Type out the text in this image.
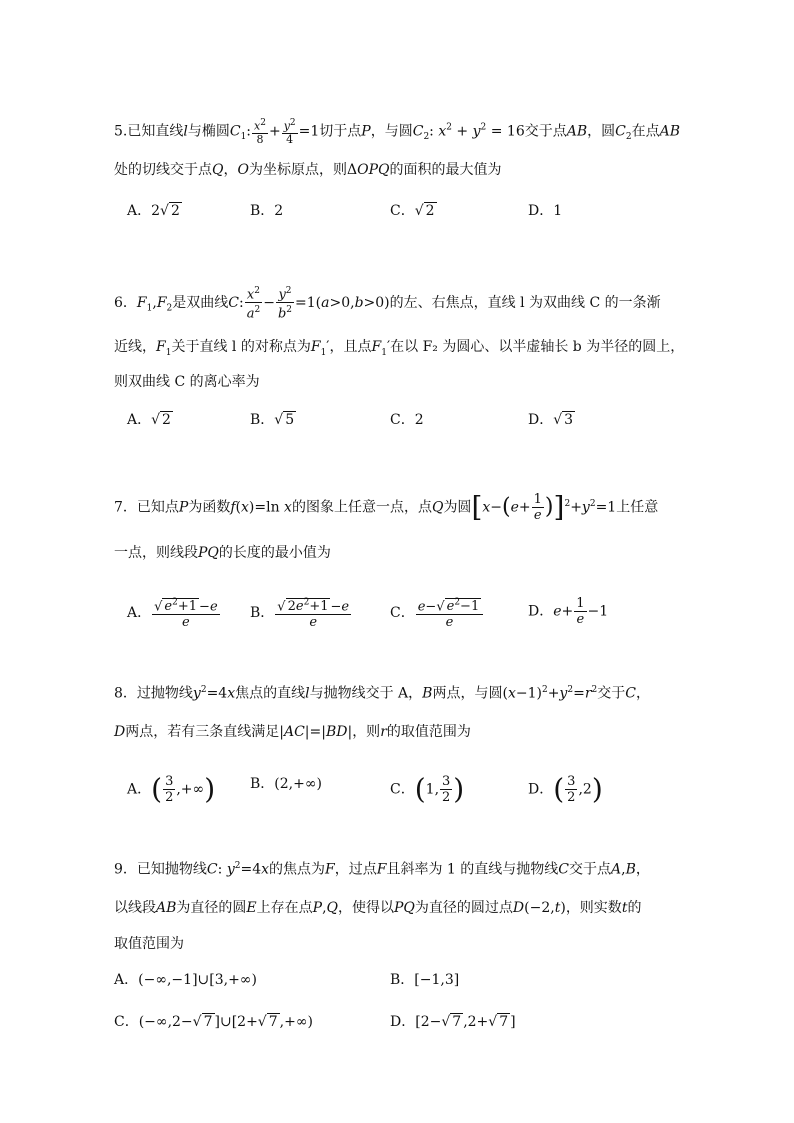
5.已知直线l与椭圆$C_1$: $\frac{x^2}{8} + \frac{y^2}{4} =1$切于点P，与圆$C_2$: $x^2 + y^2 = 16$交于点AB，圆$C_2$在点AB
处的切线交于点Q，O为坐标原点，则ΔOPQ的面积的最大值为
A．2√ 2	B．2	C．√ 2	D．1
6．$F_1,F_2$是双曲线C: $\frac{x^2}{a^2} - \frac{y^2}{b^2} =1(a>0,b>0)$的左、右焦点，直线 l 为双曲线 C 的一条渐
近线，$F_1$关于直线 l 的对称点为$F_1'$，且点$F_1'$在以 F₂ 为圆心、以半虚轴长 b 为半径的圆上，
则双曲线 C 的离心率为
A．√ 2	B．√ 5	C．2	D．√ 3
7．已知点P为函数f(x)=ln x的图象上任意一点，点Q为圆$[x-(e+ \frac{1}{e} )]^2+y^2=1$上任意
一点，则线段PQ的长度的最小值为
A． $\frac{√ e^2+1 -e}{e}$ B． $\frac{√ 2e^2+1 -e}{e}$	C． $\frac{e-√ e^2-1}{e}$	D．$e+ \frac{1}{e} -1$
8．过抛物线$y^2=4x$焦点的直线l与抛物线交于 A，B两点，与圆$(x-1)^2+y^2=r^2$交于C，
D两点，若有三条直线满足|AC|=|BD|，则r的取值范围为
A．( $\frac{3}{2}$ ,+∞) B．(2,+∞)	C．(1, $\frac{3}{2}$ )	D．( $\frac{3}{2} ,2$)
9．已知抛物线C: $y^2=4x$的焦点为F，过点F且斜率为 1 的直线与抛物线C交于点A,B，
以线段AB为直径的圆E上存在点P,Q，使得以PQ为直径的圆过点D(−2,t)，则实数t的
取值范围为
A．(−∞,−1]∪[3,+∞)	B．[−1,3]
C．(−∞,2−√ 7 ]∪[2+√ 7 ,+∞)	D．[2−√ 7 ,2+√ 7 ]
